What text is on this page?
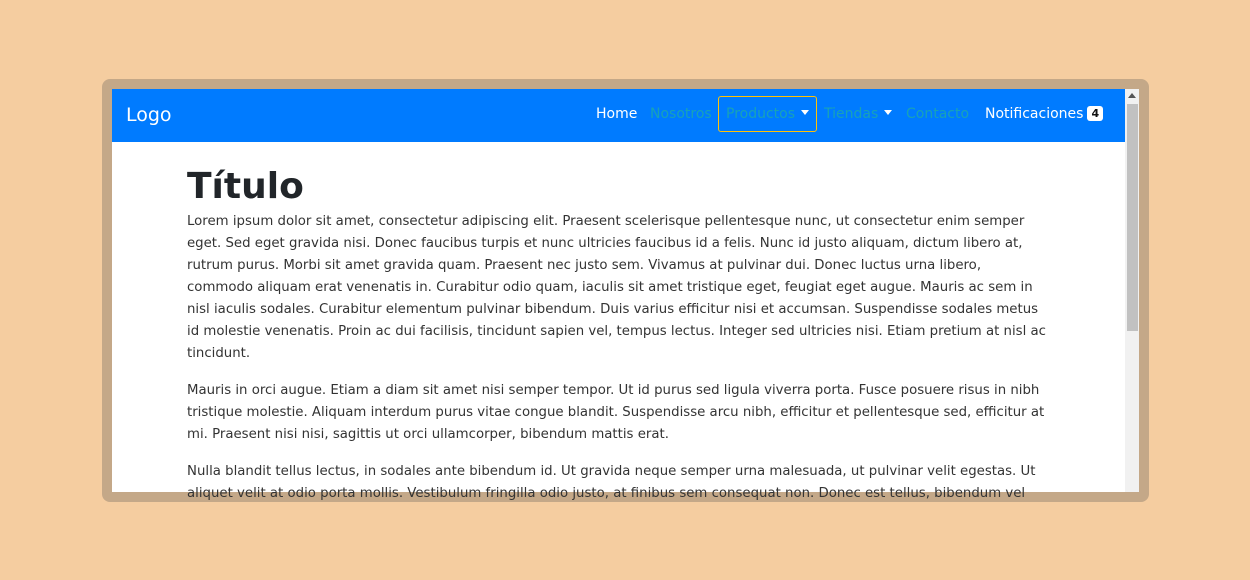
Logo	Home Nosotros	Productos	Tiendas	Contacto Notificaciones 4
Título

Lorem ipsum dolor sit amet, consectetur adipiscing elit. Praesent scelerisque pellentesque nunc, ut consectetur enim semper eget. Sed eget gravida nisi. Donec faucibus turpis et nunc ultricies faucibus id a felis. Nunc id justo aliquam, dictum libero at, rutrum purus. Morbi sit amet gravida quam. Praesent nec justo sem. Vivamus at pulvinar dui. Donec luctus urna libero, commodo aliquam erat venenatis in. Curabitur odio quam, iaculis sit amet tristique eget, feugiat eget augue. Mauris ac sem in nisl iaculis sodales. Curabitur elementum pulvinar bibendum. Duis varius efficitur nisi et accumsan. Suspendisse sodales metus id molestie venenatis. Proin ac dui facilisis, tincidunt sapien vel, tempus lectus. Integer sed ultricies nisi. Etiam pretium at nisl ac tincidunt.

Mauris in orci augue. Etiam a diam sit amet nisi semper tempor. Ut id purus sed ligula viverra porta. Fusce posuere risus in nibh tristique molestie. Aliquam interdum purus vitae congue blandit. Suspendisse arcu nibh, efficitur et pellentesque sed, efficitur at mi. Praesent nisi nisi, sagittis ut orci ullamcorper, bibendum mattis erat.

Nulla blandit tellus lectus, in sodales ante bibendum id. Ut gravida neque semper urna malesuada, ut pulvinar velit egestas. Ut aliquet velit at odio porta mollis. Vestibulum fringilla odio justo, at finibus sem consequat non. Donec est tellus, bibendum vel
